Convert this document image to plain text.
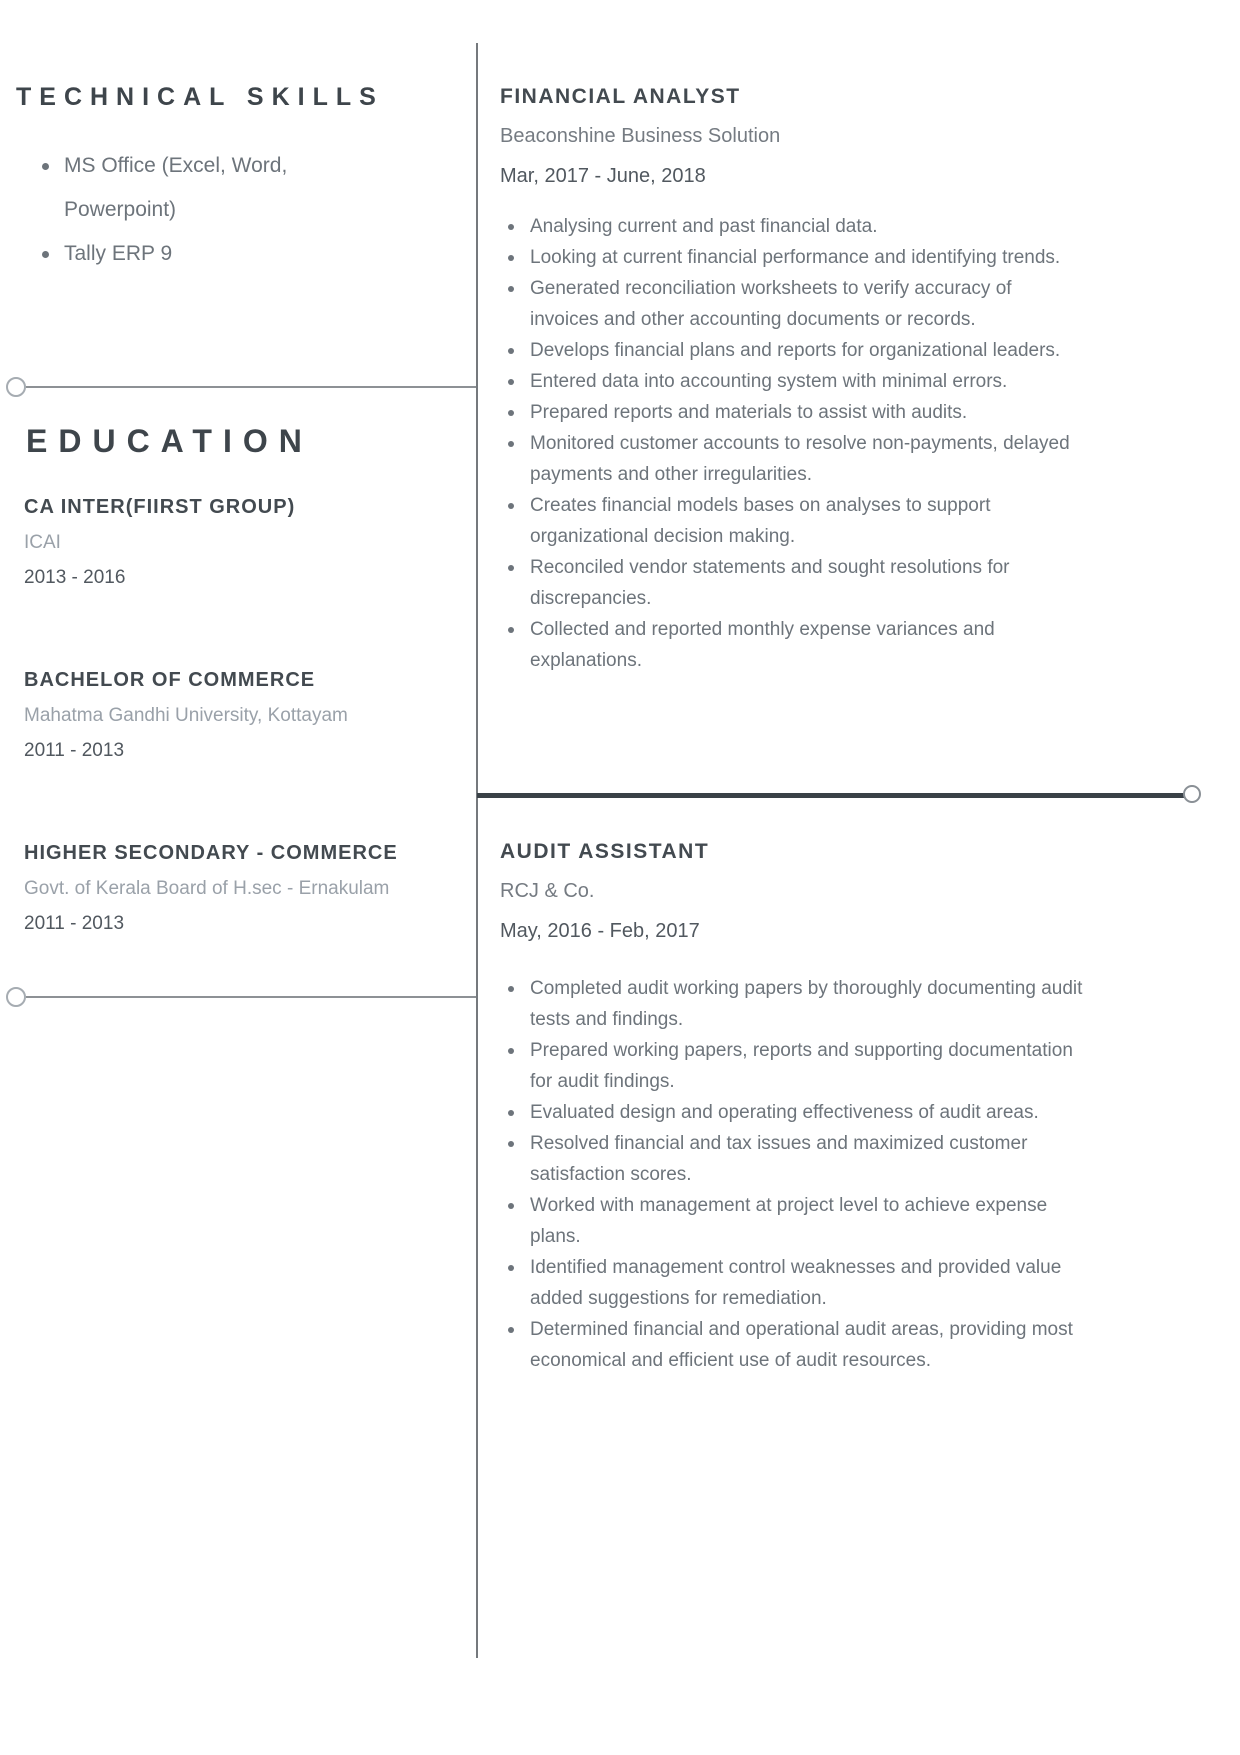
TECHNICAL SKILLS
MS Office (Excel, Word, Powerpoint)
Tally ERP 9
EDUCATION
CA INTER(FIIRST GROUP)
ICAI
2013 - 2016
BACHELOR OF COMMERCE
Mahatma Gandhi University, Kottayam
2011 - 2013
HIGHER SECONDARY - COMMERCE
Govt. of Kerala Board of H.sec - Ernakulam
2011 - 2013
FINANCIAL ANALYST
Beaconshine Business Solution
Mar, 2017 - June, 2018
Analysing current and past financial data.
Looking at current financial performance and identifying trends.
Generated reconciliation worksheets to verify accuracy of invoices and other accounting documents or records.
Develops financial plans and reports for organizational leaders.
Entered data into accounting system with minimal errors.
Prepared reports and materials to assist with audits.
Monitored customer accounts to resolve non-payments, delayed payments and other irregularities.
Creates financial models bases on analyses to support organizational decision making.
Reconciled vendor statements and sought resolutions for discrepancies.
Collected and reported monthly expense variances and explanations.
AUDIT ASSISTANT
RCJ & Co.
May, 2016 - Feb, 2017
Completed audit working papers by thoroughly documenting audit tests and findings.
Prepared working papers, reports and supporting documentation for audit findings.
Evaluated design and operating effectiveness of audit areas.
Resolved financial and tax issues and maximized customer satisfaction scores.
Worked with management at project level to achieve expense plans.
Identified management control weaknesses and provided value added suggestions for remediation.
Determined financial and operational audit areas, providing most economical and efficient use of audit resources.
